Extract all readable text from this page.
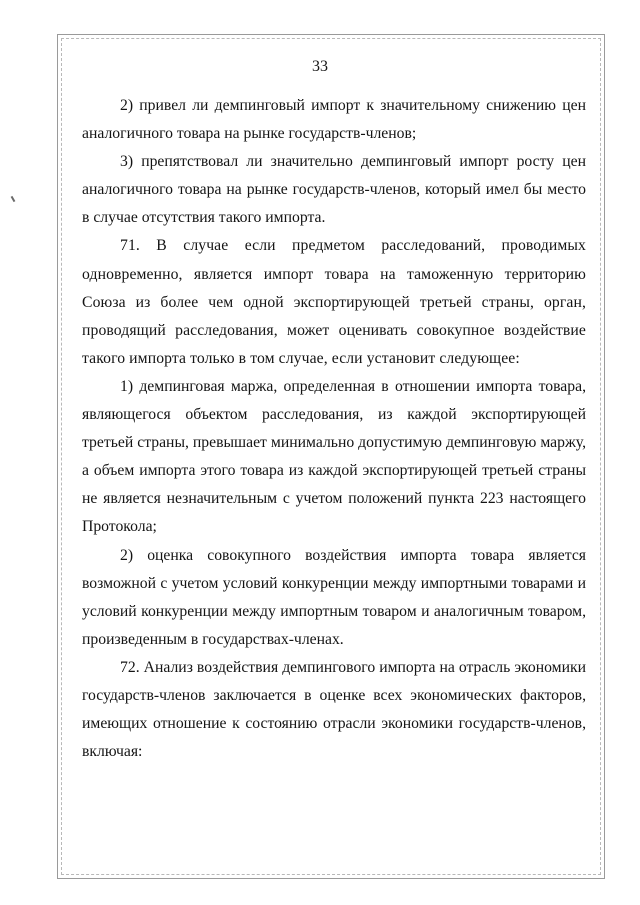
33

2) привел ли демпинговый импорт к значительному снижению цен аналогичного товара на рынке государств-членов;

3) препятствовал ли значительно демпинговый импорт росту цен аналогичного товара на рынке государств-членов, который имел бы место в случае отсутствия такого импорта.

71. В случае если предметом расследований, проводимых одновременно, является импорт товара на таможенную территорию Союза из более чем одной экспортирующей третьей страны, орган, проводящий расследования, может оценивать совокупное воздействие такого импорта только в том случае, если установит следующее:

1) демпинговая маржа, определенная в отношении импорта товара, являющегося объектом расследования, из каждой экспортирующей третьей страны, превышает минимально допустимую демпинговую маржу, а объем импорта этого товара из каждой экспортирующей третьей страны не является незначительным с учетом положений пункта 223 настоящего Протокола;

2) оценка совокупного воздействия импорта товара является возможной с учетом условий конкуренции между импортными товарами и условий конкуренции между импортным товаром и аналогичным товаром, произведенным в государствах-членах.

72. Анализ воздействия демпингового импорта на отрасль экономики государств-членов заключается в оценке всех экономических факторов, имеющих отношение к состоянию отрасли экономики государств-членов, включая:
